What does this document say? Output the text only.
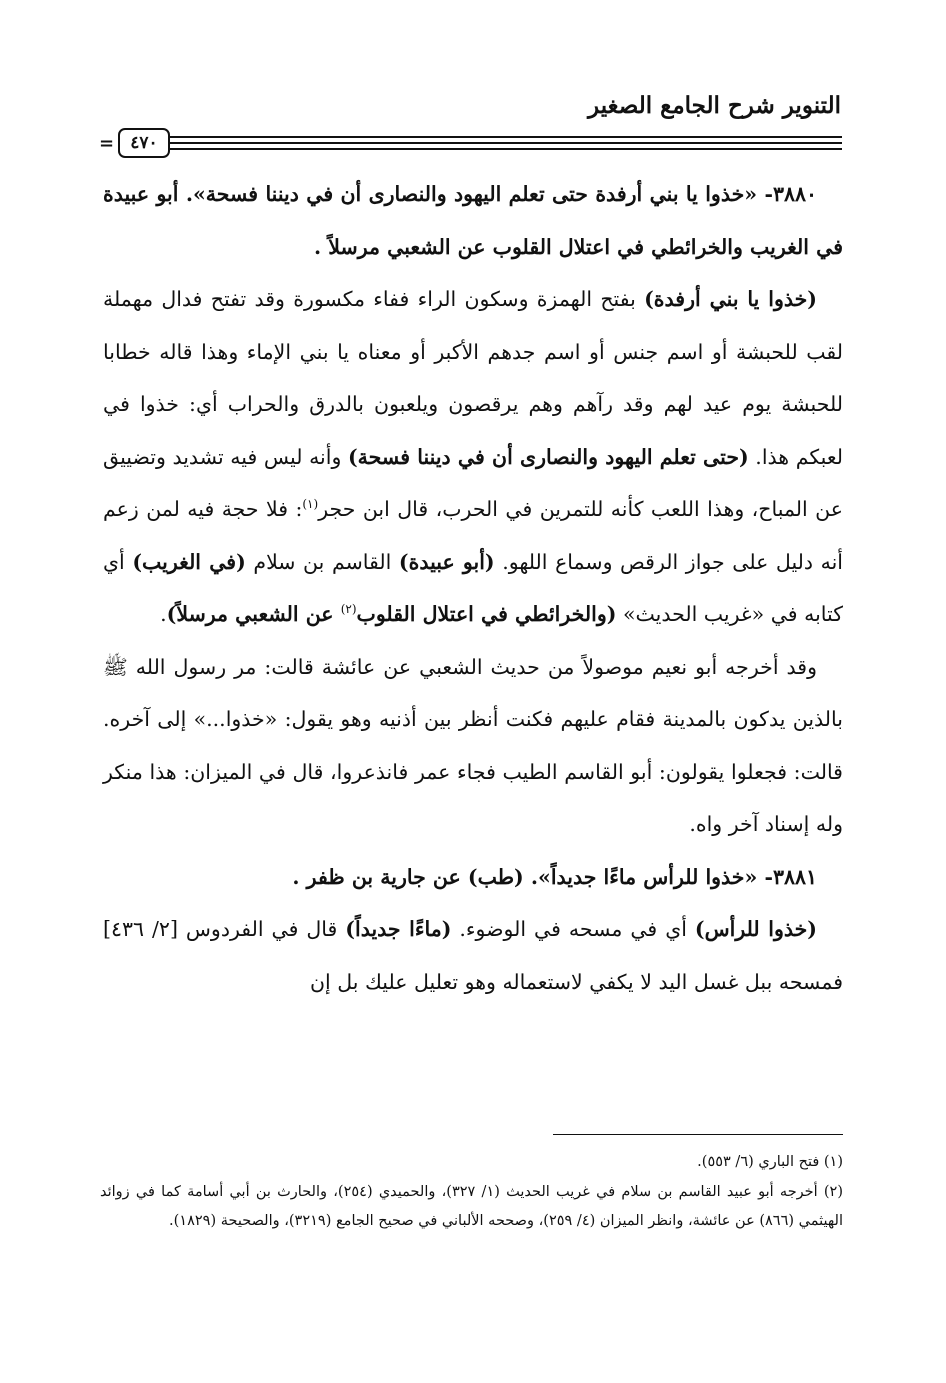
التنوير شرح الجامع الصغير
= ٤٧٠

٣٨٨٠- «خذوا يا بني أرفدة حتى تعلم اليهود والنصارى أن في ديننا فسحة». أبو عبيدة في الغريب والخرائطي في اعتلال القلوب عن الشعبي مرسلاً .

(خذوا يا بني أرفدة) بفتح الهمزة وسكون الراء ففاء مكسورة وقد تفتح فدال مهملة لقب للحبشة أو اسم جنس أو اسم جدهم الأكبر أو معناه يا بني الإماء وهذا قاله خطابا للحبشة يوم عيد لهم وقد رآهم وهم يرقصون ويلعبون بالدرق والحراب أي: خذوا في لعبكم هذا. (حتى تعلم اليهود والنصارى أن في ديننا فسحة) وأنه ليس فيه تشديد وتضييق عن المباح، وهذا اللعب كأنه للتمرين في الحرب، قال ابن حجر$^{(١)}$: فلا حجة فيه لمن زعم أنه دليل على جواز الرقص وسماع اللهو. (أبو عبيدة) القاسم بن سلام (في الغريب) أي كتابه في «غريب الحديث» (والخرائطي في اعتلال القلوب$^{(٢)}$ عن الشعبي مرسلاً).

وقد أخرجه أبو نعيم موصولاً من حديث الشعبي عن عائشة قالت: مر رسول الله ﷺ بالذين يدكون بالمدينة فقام عليهم فكنت أنظر بين أذنيه وهو يقول: «خذوا...» إلى آخره. قالت: فجعلوا يقولون: أبو القاسم الطيب فجاء عمر فانذعروا، قال في الميزان: هذا منكر وله إسناد آخر واه.

٣٨٨١- «خذوا للرأس ماءًا جديداً». (طب) عن جارية بن ظفر .

(خذوا للرأس) أي في مسحه في الوضوء. (ماءًا جديداً) قال في الفردوس [٢/ ٤٣٦] فمسحه ببل غسل اليد لا يكفي لاستعماله وهو تعليل عليك بل إن

(١) فتح الباري (٦/ ٥٥٣).

(٢) أخرجه أبو عبيد القاسم بن سلام في غريب الحديث (١/ ٣٢٧)، والحميدي (٢٥٤)، والحارث بن أبي أسامة كما في زوائد الهيثمي (٨٦٦) عن عائشة، وانظر الميزان (٤/ ٢٥٩)، وصححه الألباني في صحيح الجامع (٣٢١٩)، والصحيحة (١٨٢٩).
